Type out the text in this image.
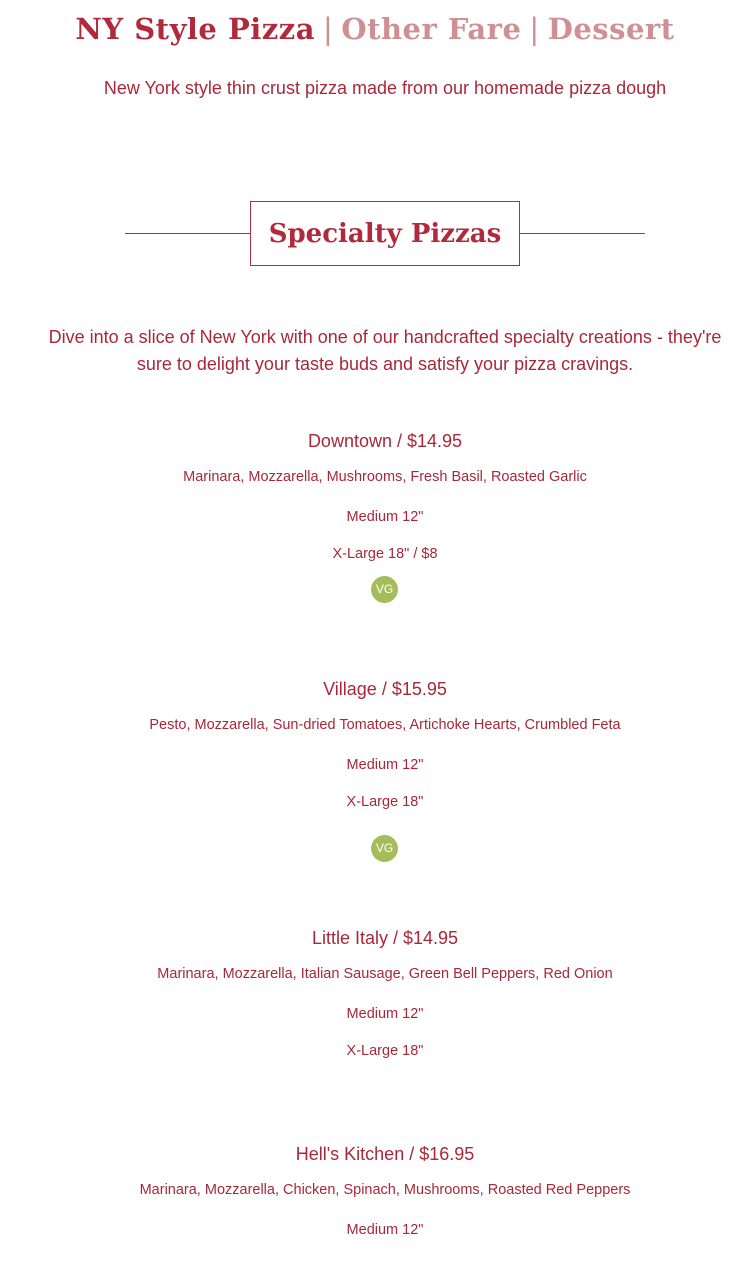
NY Style Pizza | Other Fare | Dessert
New York style thin crust pizza made from our homemade pizza dough
Specialty Pizzas
Dive into a slice of New York with one of our handcrafted specialty creations - they're sure to delight your taste buds and satisfy your pizza cravings.
Downtown / $14.95
Marinara, Mozzarella, Mushrooms, Fresh Basil, Roasted Garlic
Medium 12"
X-Large 18" / $8
VG
Village / $15.95
Pesto, Mozzarella, Sun-dried Tomatoes, Artichoke Hearts, Crumbled Feta
Medium 12"
X-Large 18"
VG
Little Italy / $14.95
Marinara, Mozzarella, Italian Sausage, Green Bell Peppers, Red Onion
Medium 12"
X-Large 18"
Hell's Kitchen / $16.95
Marinara, Mozzarella, Chicken, Spinach, Mushrooms, Roasted Red Peppers
Medium 12"
